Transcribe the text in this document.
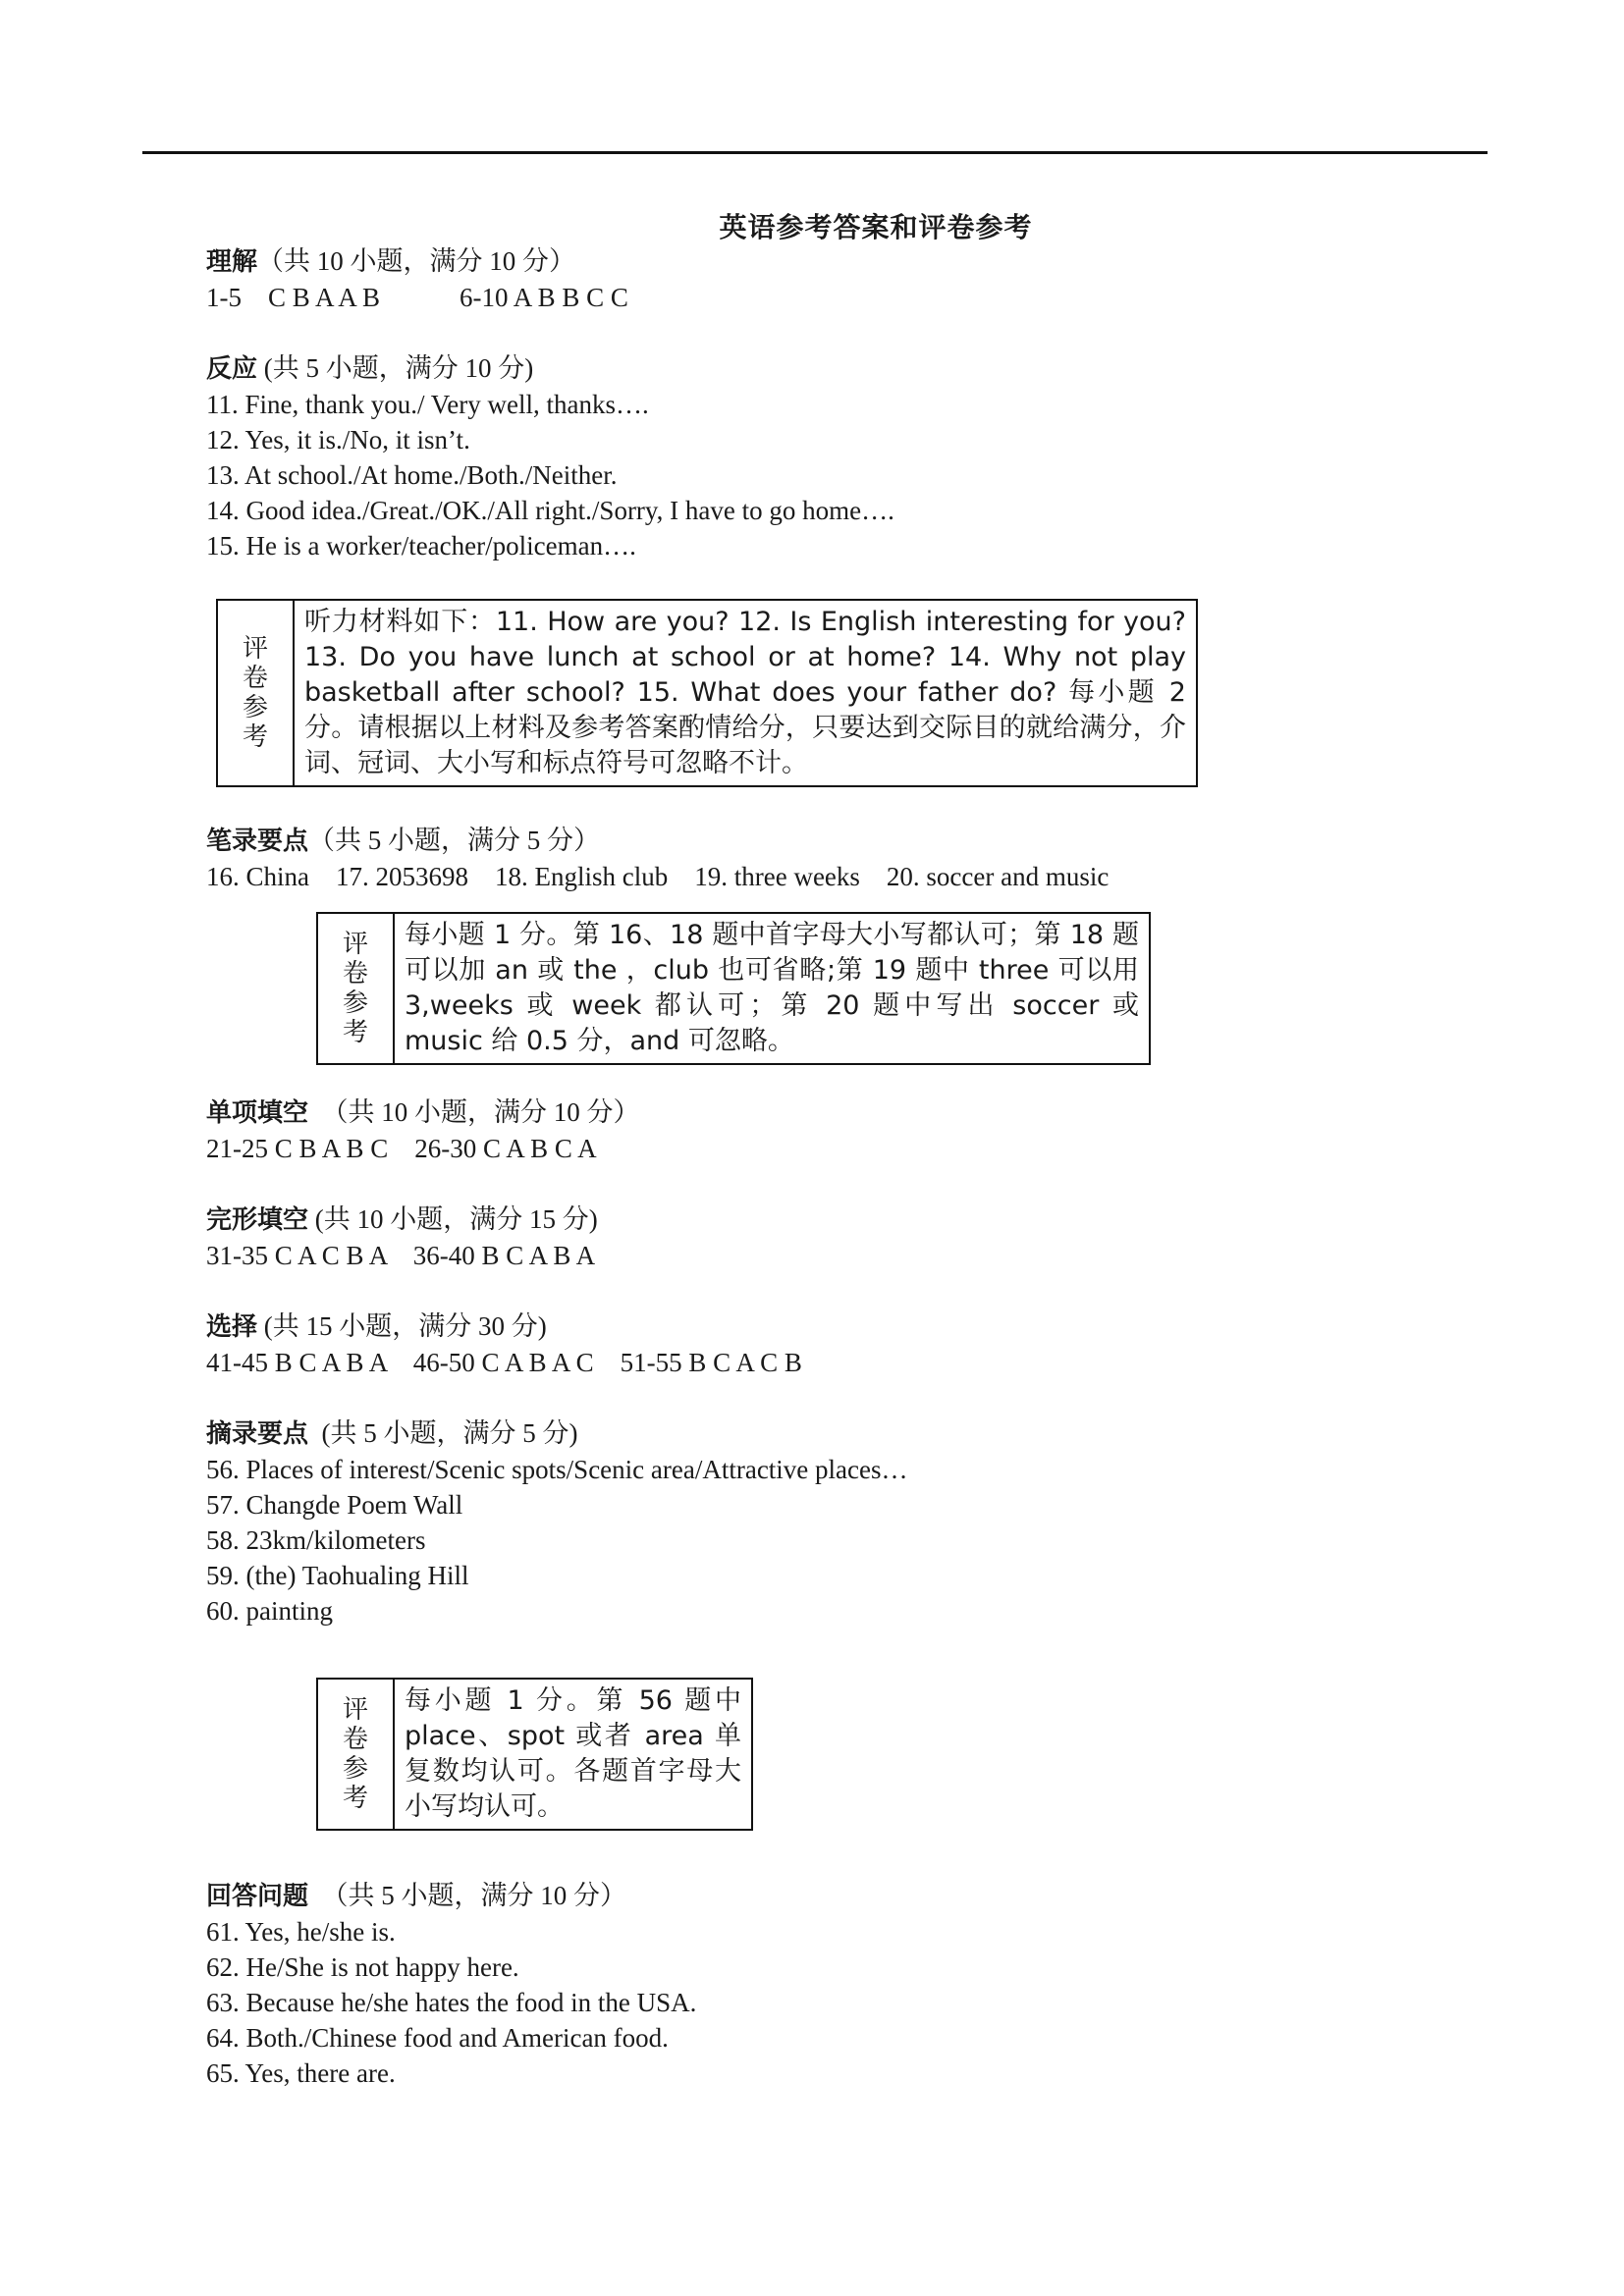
英语参考答案和评卷参考
理解（共 10 小题，满分 10 分）
1-5    C B A A B            6-10 A B B C C
反应 (共 5 小题，满分 10 分)
11. Fine, thank you./ Very well, thanks….
12. Yes, it is./No, it isn’t.
13. At school./At home./Both./Neither.
14. Good idea./Great./OK./All right./Sorry, I have to go home….
15. He is a worker/teacher/policeman….
评
卷
参
考
听力材料如下：11. How are you? 12. Is English interesting for you? 13. Do you have lunch at school or at home? 14. Why not play basketball after school? 15. What does your father do? 每小题 2 分。请根据以上材料及参考答案酌情给分，只要达到交际目的就给满分，介词、冠词、大小写和标点符号可忽略不计。
笔录要点（共 5 小题，满分 5 分）
16. China    17. 2053698    18. English club    19. three weeks    20. soccer and music
评
卷
参
考
每小题 1 分。第 16、18 题中首字母大小写都认可；第 18 题可以加 an 或 the ，club 也可省略;第 19 题中 three 可以用 3,weeks 或 week 都认可；第 20 题中写出 soccer 或 music 给 0.5 分，and 可忽略。
单项填空  （共 10 小题，满分 10 分）
21-25 C B A B C    26-30 C A B C A
完形填空 (共 10 小题，满分 15 分)
31-35 C A C B A    36-40 B C A B A
选择 (共 15 小题，满分 30 分)
41-45 B C A B A    46-50 C A B A C    51-55 B C A C B
摘录要点  (共 5 小题，满分 5 分)
56. Places of interest/Scenic spots/Scenic area/Attractive places…
57. Changde Poem Wall
58. 23km/kilometers
59. (the) Taohualing Hill
60. painting
评
卷
参
考
每小题 1 分。第 56 题中 place、spot 或者 area 单复数均认可。各题首字母大小写均认可。
回答问题  （共 5 小题，满分 10 分）
61. Yes, he/she is.
62. He/She is not happy here.
63. Because he/she hates the food in the USA.
64. Both./Chinese food and American food.
65. Yes, there are.
